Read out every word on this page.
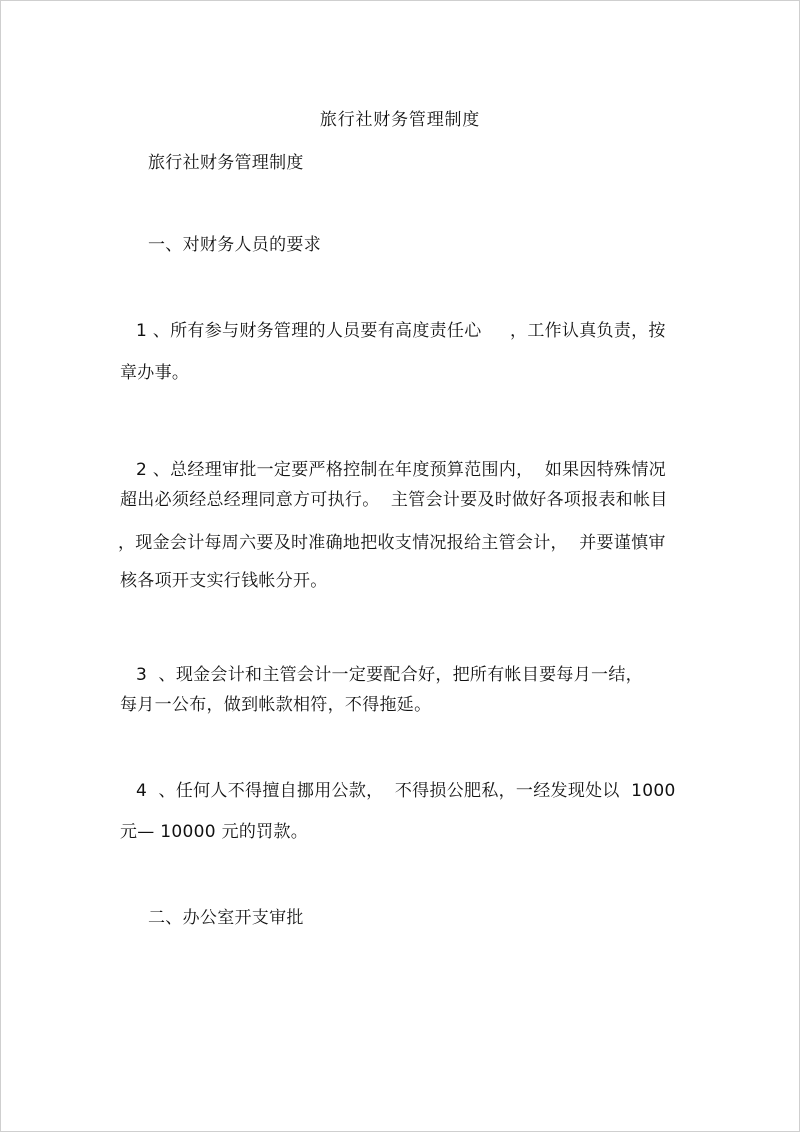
旅行社财务管理制度
旅行社财务管理制度
一、对财务人员的要求
1 、所有参与财务管理的人员要有高度责任心     ，工作认真负责，按
章办事。
2 、总经理审批一定要严格控制在年度预算范围内，  如果因特殊情况
超出必须经总经理同意方可执行。  主管会计要及时做好各项报表和帐目
，现金会计每周六要及时准确地把收支情况报给主管会计，  并要谨慎审
核各项开支实行钱帐分开。
3  、现金会计和主管会计一定要配合好，把所有帐目要每月一结，
每月一公布，做到帐款相符，不得拖延。
4  、任何人不得擅自挪用公款，  不得损公肥私，一经发现处以  1000
元— 10000 元的罚款。
二、办公室开支审批
